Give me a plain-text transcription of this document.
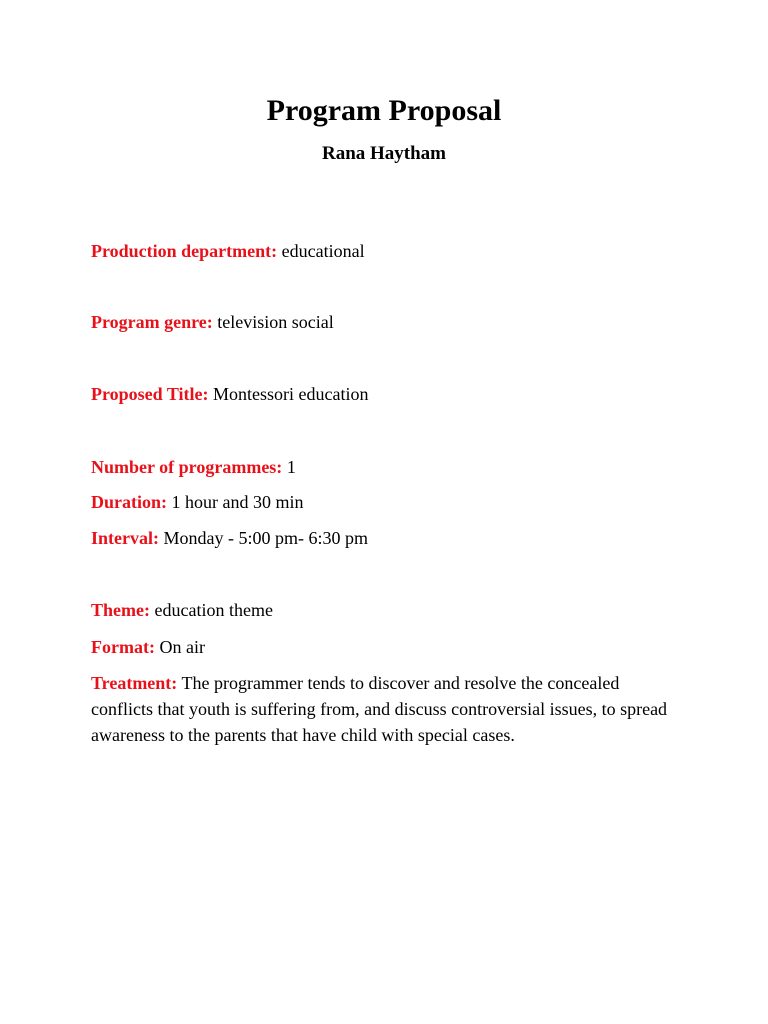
Program Proposal
Rana Haytham
Production department: educational
Program genre: television social
Proposed Title: Montessori education
Number of programmes: 1
Duration: 1 hour and 30 min
Interval: Monday - 5:00 pm- 6:30 pm
Theme: education theme
Format: On air
Treatment: The programmer tends to discover and resolve the concealed conflicts that youth is suffering from, and discuss controversial issues, to spread awareness to the parents that have child with special cases.
